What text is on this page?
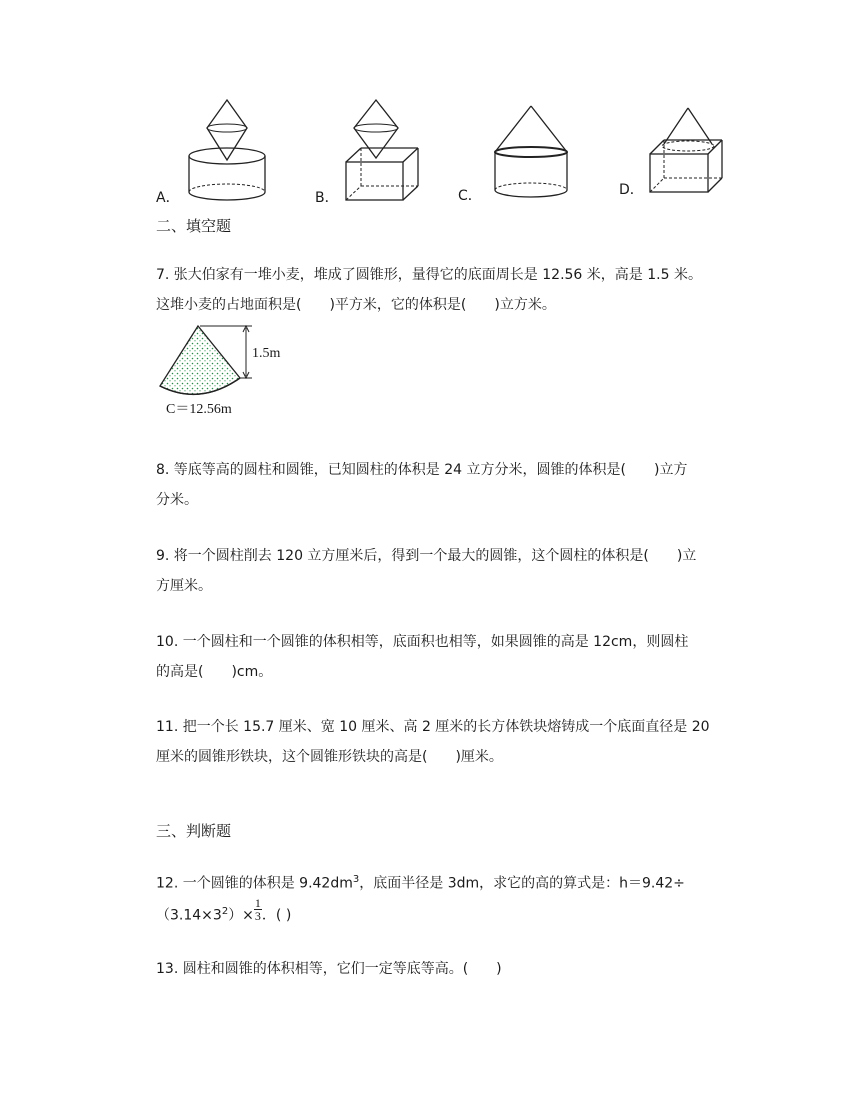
A．	B．	C．	D．
二、填空题
7. 张大伯家有一堆小麦，堆成了圆锥形，量得它的底面周长是 12.56 米，高是 1.5 米。
这堆小麦的占地面积是(　　)平方米，它的体积是(　　)立方米。
1.5m
C＝12.56m
8. 等底等高的圆柱和圆锥，已知圆柱的体积是 24 立方分米，圆锥的体积是(　　)立方
分米。
9. 将一个圆柱削去 120 立方厘米后，得到一个最大的圆锥，这个圆柱的体积是(　　)立
方厘米。
10. 一个圆柱和一个圆锥的体积相等，底面积也相等，如果圆锥的高是 12cm，则圆柱
的高是(　　)cm。
11. 把一个长 15.7 厘米、宽 10 厘米、高 2 厘米的长方体铁块熔铸成一个底面直径是 20
厘米的圆锥形铁块，这个圆锥形铁块的高是(　　)厘米。
三、判断题
12. 一个圆锥的体积是 $9.42dm^3$，底面半径是 3dm，求它的高的算式是：h＝9.42÷
$(3.14\times 3^2)\times \frac{1}{3}$ ．( )
13. 圆柱和圆锥的体积相等，它们一定等底等高。(　　)
